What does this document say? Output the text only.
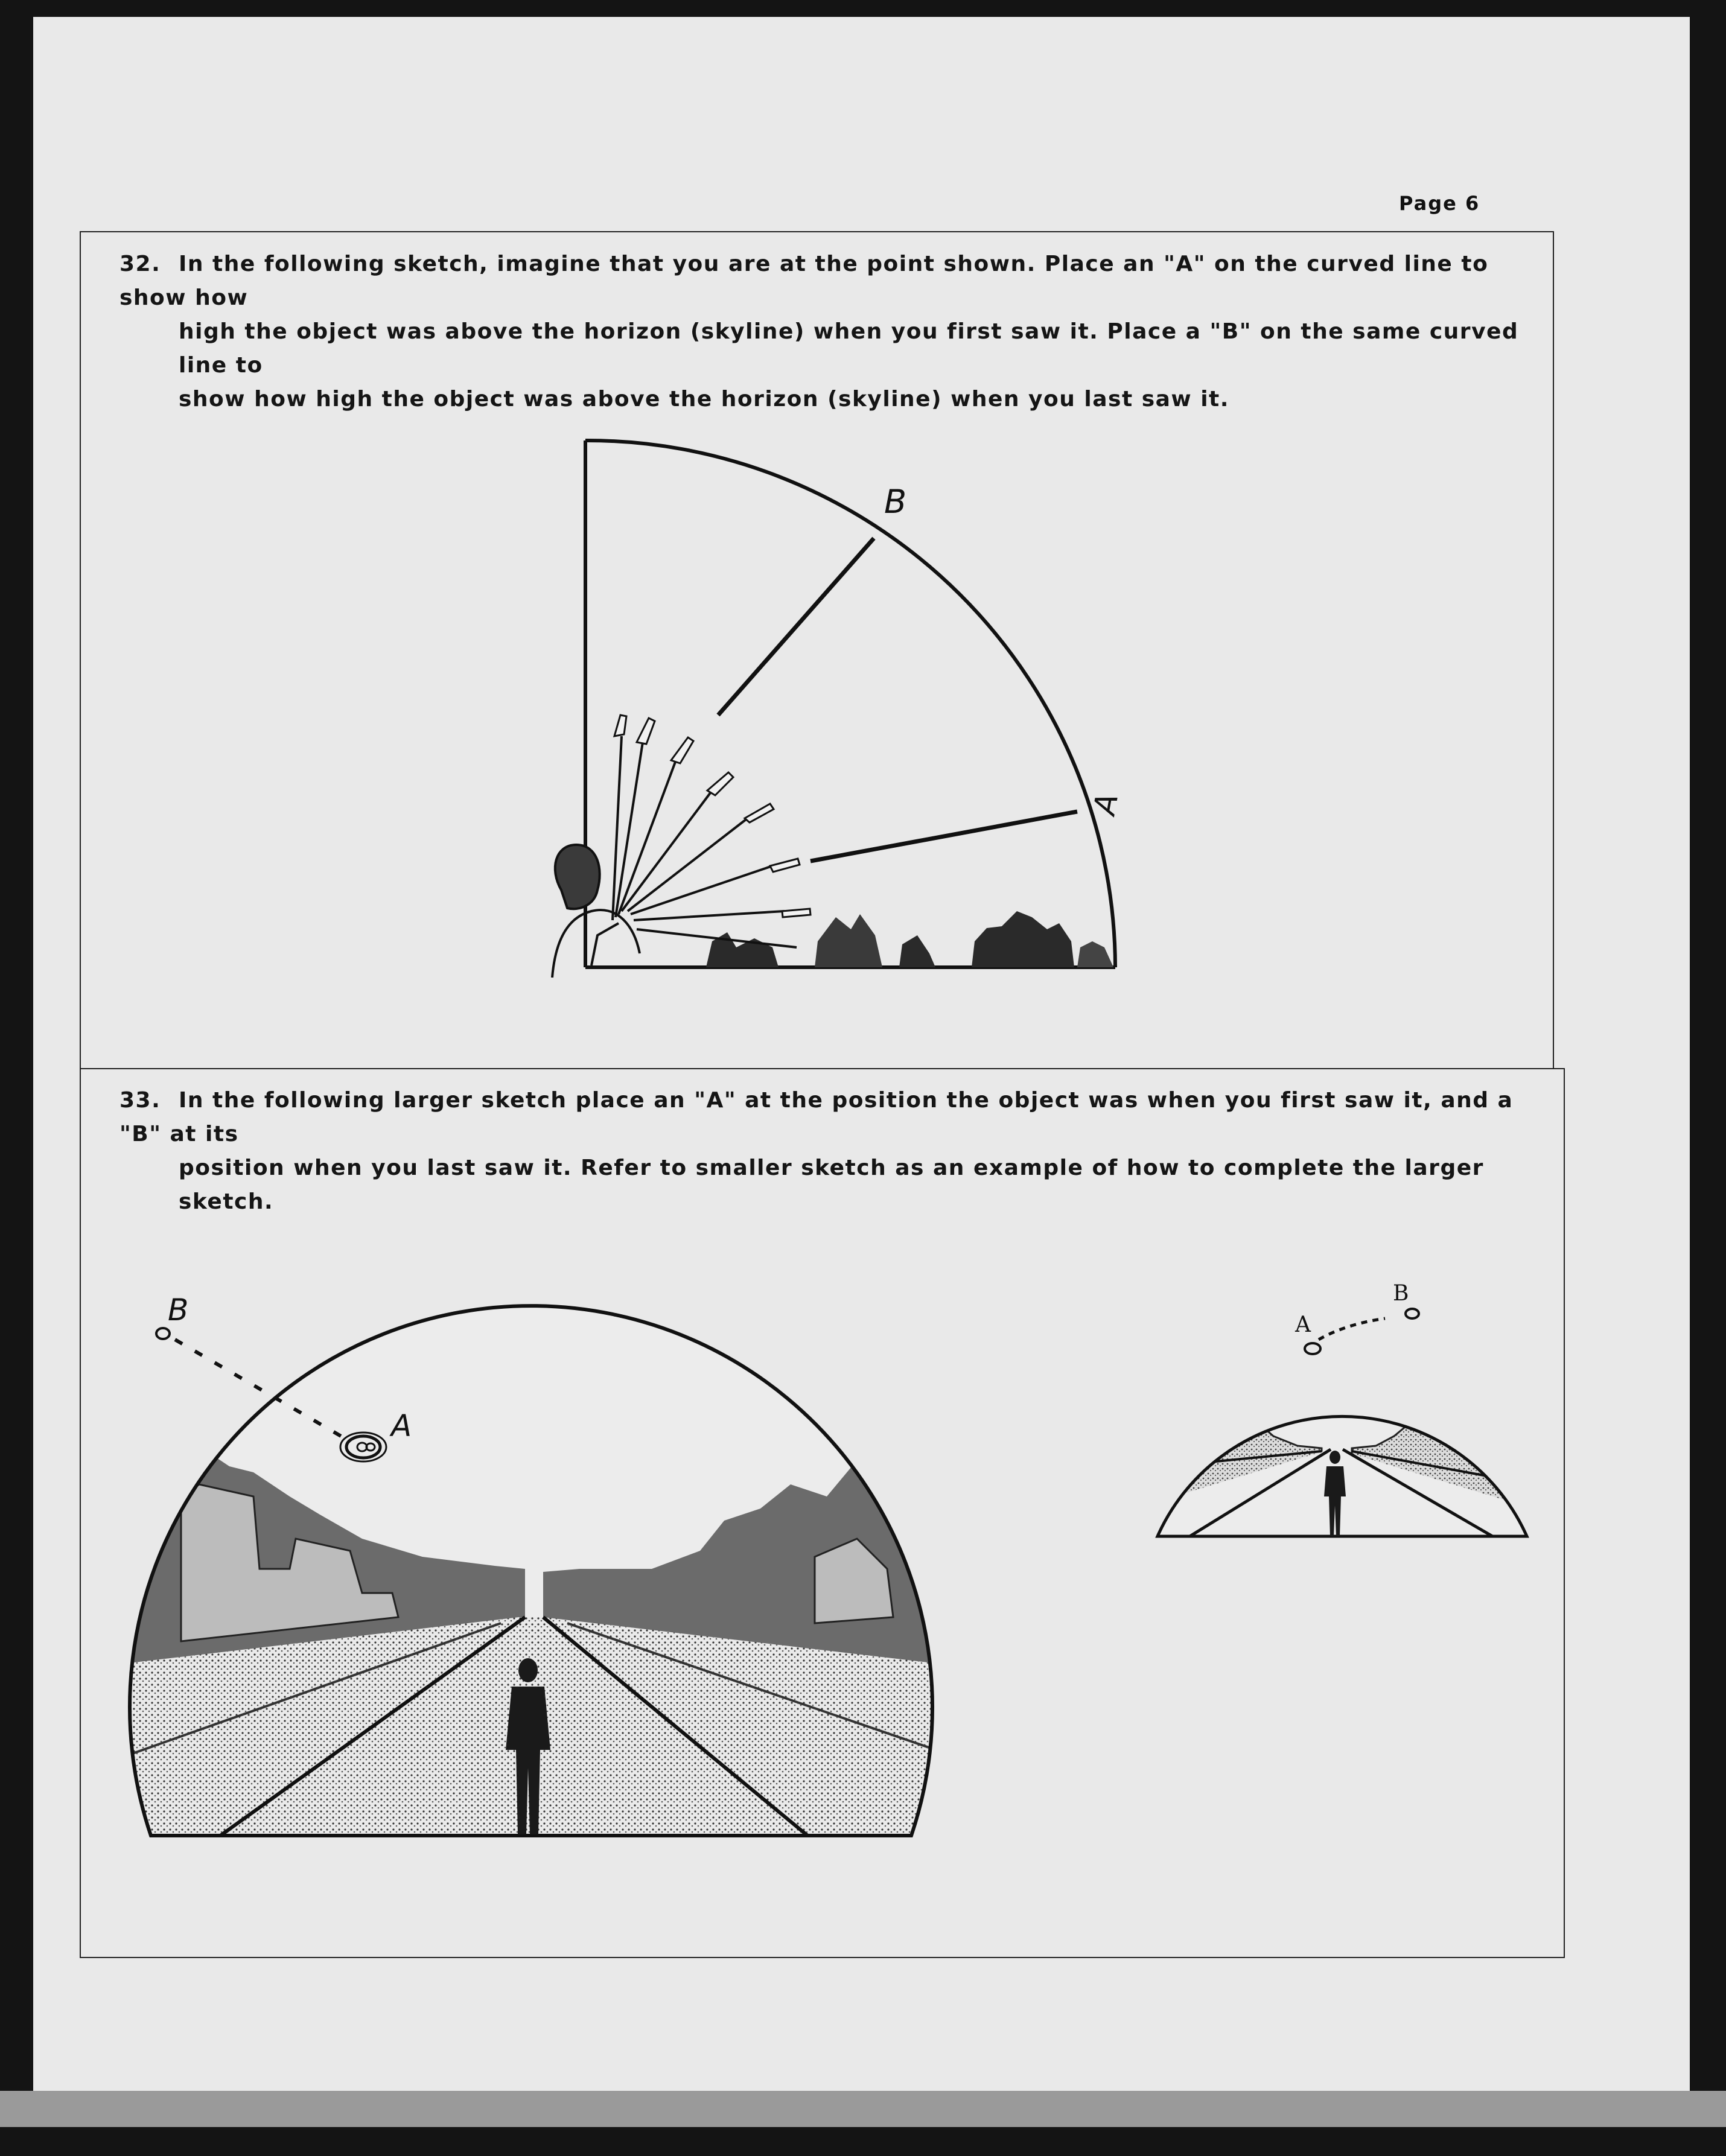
Page 6
32. In the following sketch, imagine that you are at the point shown. Place an "A" on the curved line to show how
high the object was above the horizon (skyline) when you first saw it. Place a "B" on the same curved line to
show how high the object was above the horizon (skyline) when you last saw it.
B
A
33. In the following larger sketch place an "A" at the position the object was when you first saw it, and a "B" at its
position when you last saw it. Refer to smaller sketch as an example of how to complete the larger sketch.
B
A
A
B
